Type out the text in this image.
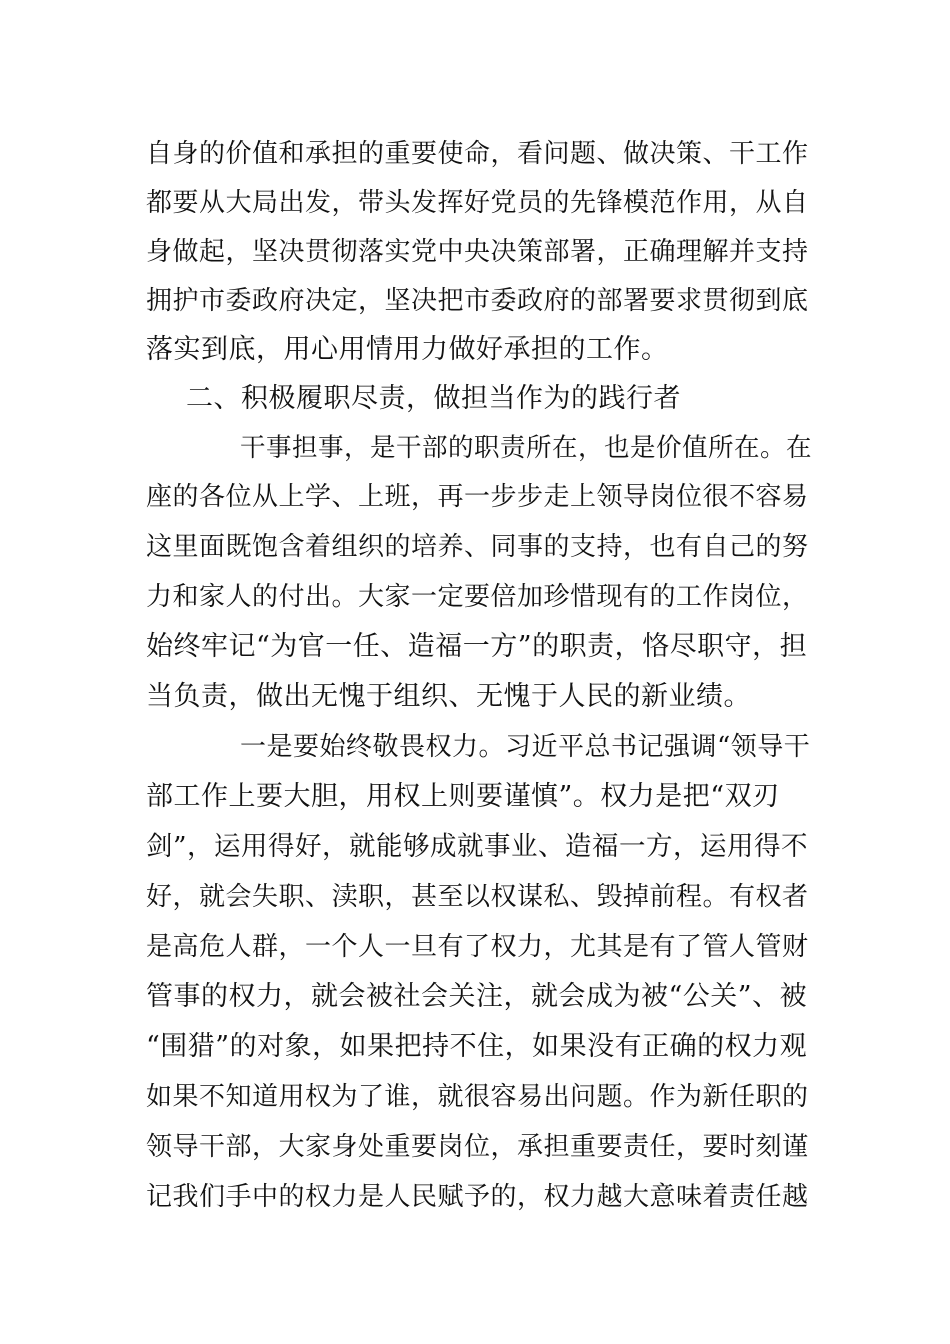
自身的价值和承担的重要使命，看问题、做决策、干工作
都要从大局出发，带头发挥好党员的先锋模范作用，从自
身做起，坚决贯彻落实党中央决策部署，正确理解并支持
拥护市委政府决定，坚决把市委政府的部署要求贯彻到底
落实到底，用心用情用力做好承担的工作。
二、积极履职尽责，做担当作为的践行者
干事担事，是干部的职责所在，也是价值所在。在
座的各位从上学、上班，再一步步走上领导岗位很不容易
这里面既饱含着组织的培养、同事的支持，也有自己的努
力和家人的付出。大家一定要倍加珍惜现有的工作岗位，
始终牢记“为官一任、造福一方”的职责，恪尽职守，担
当负责，做出无愧于组织、无愧于人民的新业绩。
一是要始终敬畏权力。习近平总书记强调“领导干
部工作上要大胆，用权上则要谨慎”。权力是把“双刃
剑”，运用得好，就能够成就事业、造福一方，运用得不
好，就会失职、渎职，甚至以权谋私、毁掉前程。有权者
是高危人群，一个人一旦有了权力，尤其是有了管人管财
管事的权力，就会被社会关注，就会成为被“公关”、被
“围猎”的对象，如果把持不住，如果没有正确的权力观
如果不知道用权为了谁，就很容易出问题。作为新任职的
领导干部，大家身处重要岗位，承担重要责任，要时刻谨
记我们手中的权力是人民赋予的，权力越大意味着责任越
